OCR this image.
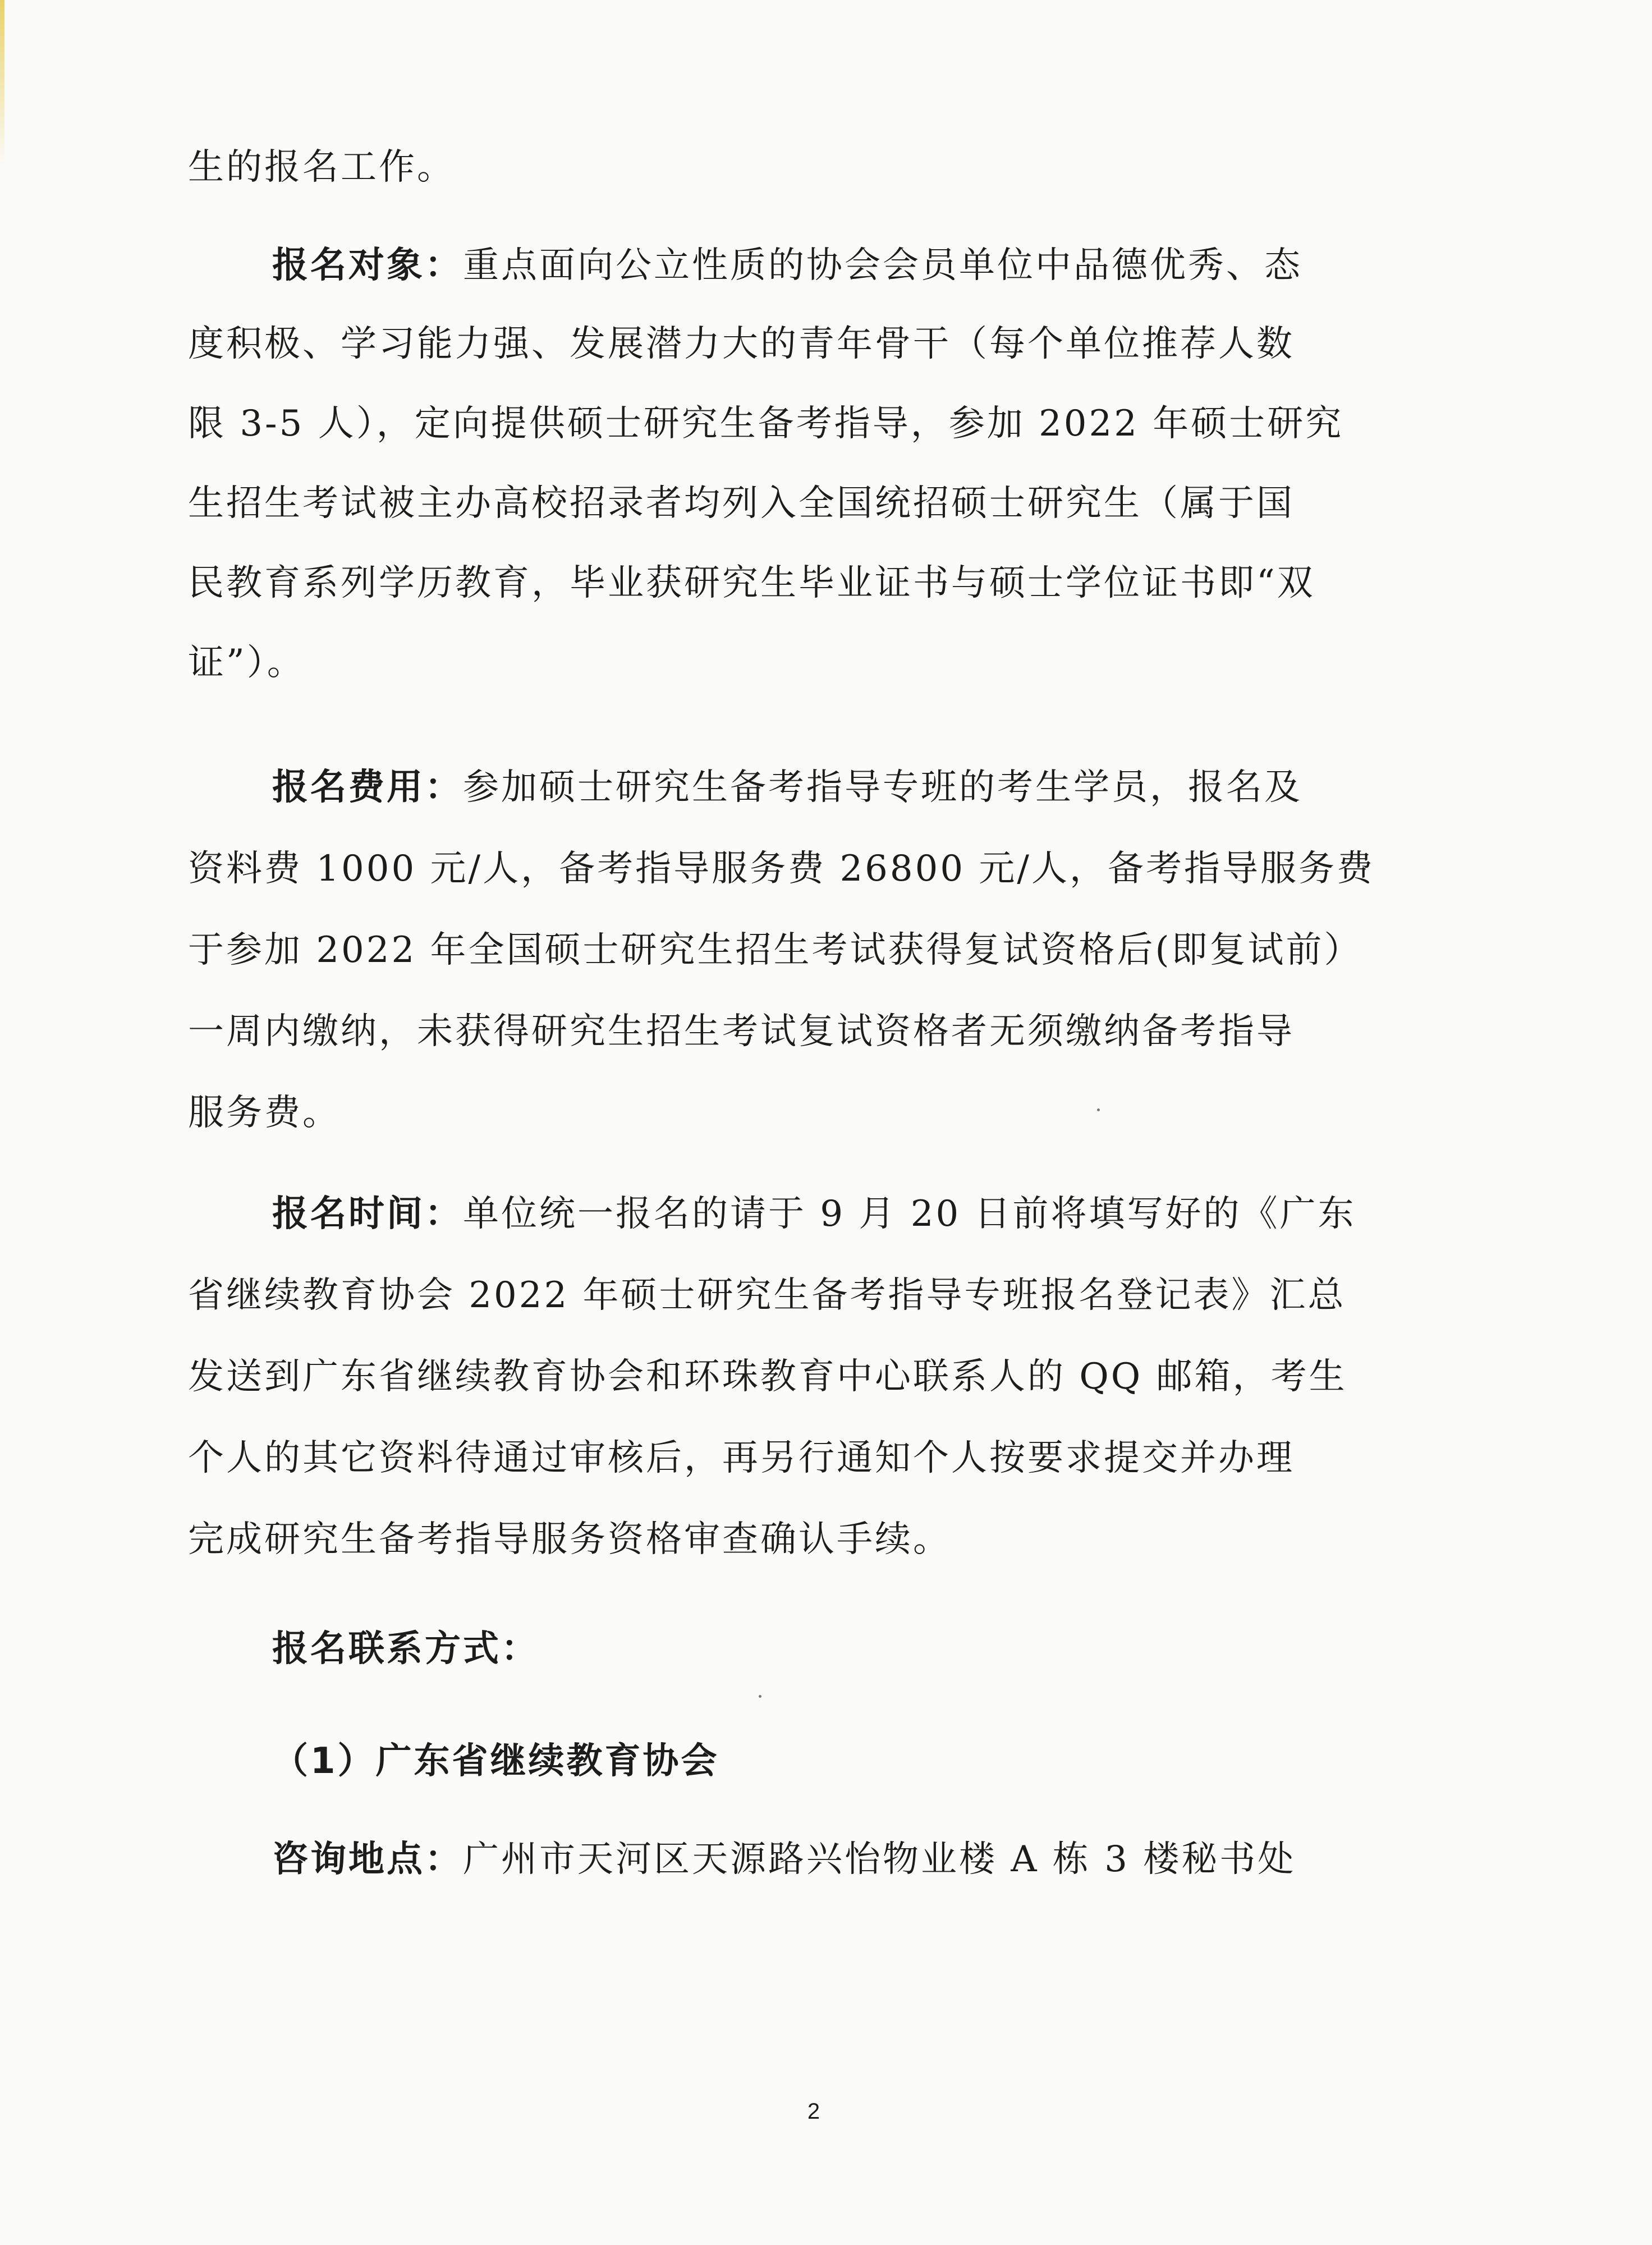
生的报名工作。
报名对象：重点面向公立性质的协会会员单位中品德优秀、态
度积极、学习能力强、发展潜力大的青年骨干（每个单位推荐人数
限 3-5 人），定向提供硕士研究生备考指导，参加 2022 年硕士研究
生招生考试被主办高校招录者均列入全国统招硕士研究生（属于国
民教育系列学历教育，毕业获研究生毕业证书与硕士学位证书即“双
证”）。
报名费用：参加硕士研究生备考指导专班的考生学员，报名及
资料费 1000 元/人，备考指导服务费 26800 元/人，备考指导服务费
于参加 2022 年全国硕士研究生招生考试获得复试资格后(即复试前）
一周内缴纳，未获得研究生招生考试复试资格者无须缴纳备考指导
服务费。
报名时间：单位统一报名的请于 9 月 20 日前将填写好的《广东
省继续教育协会 2022 年硕士研究生备考指导专班报名登记表》汇总
发送到广东省继续教育协会和环珠教育中心联系人的 QQ 邮箱，考生
个人的其它资料待通过审核后，再另行通知个人按要求提交并办理
完成研究生备考指导服务资格审查确认手续。
报名联系方式：
（1）广东省继续教育协会
咨询地点：广州市天河区天源路兴怡物业楼 A 栋 3 楼秘书处
2
